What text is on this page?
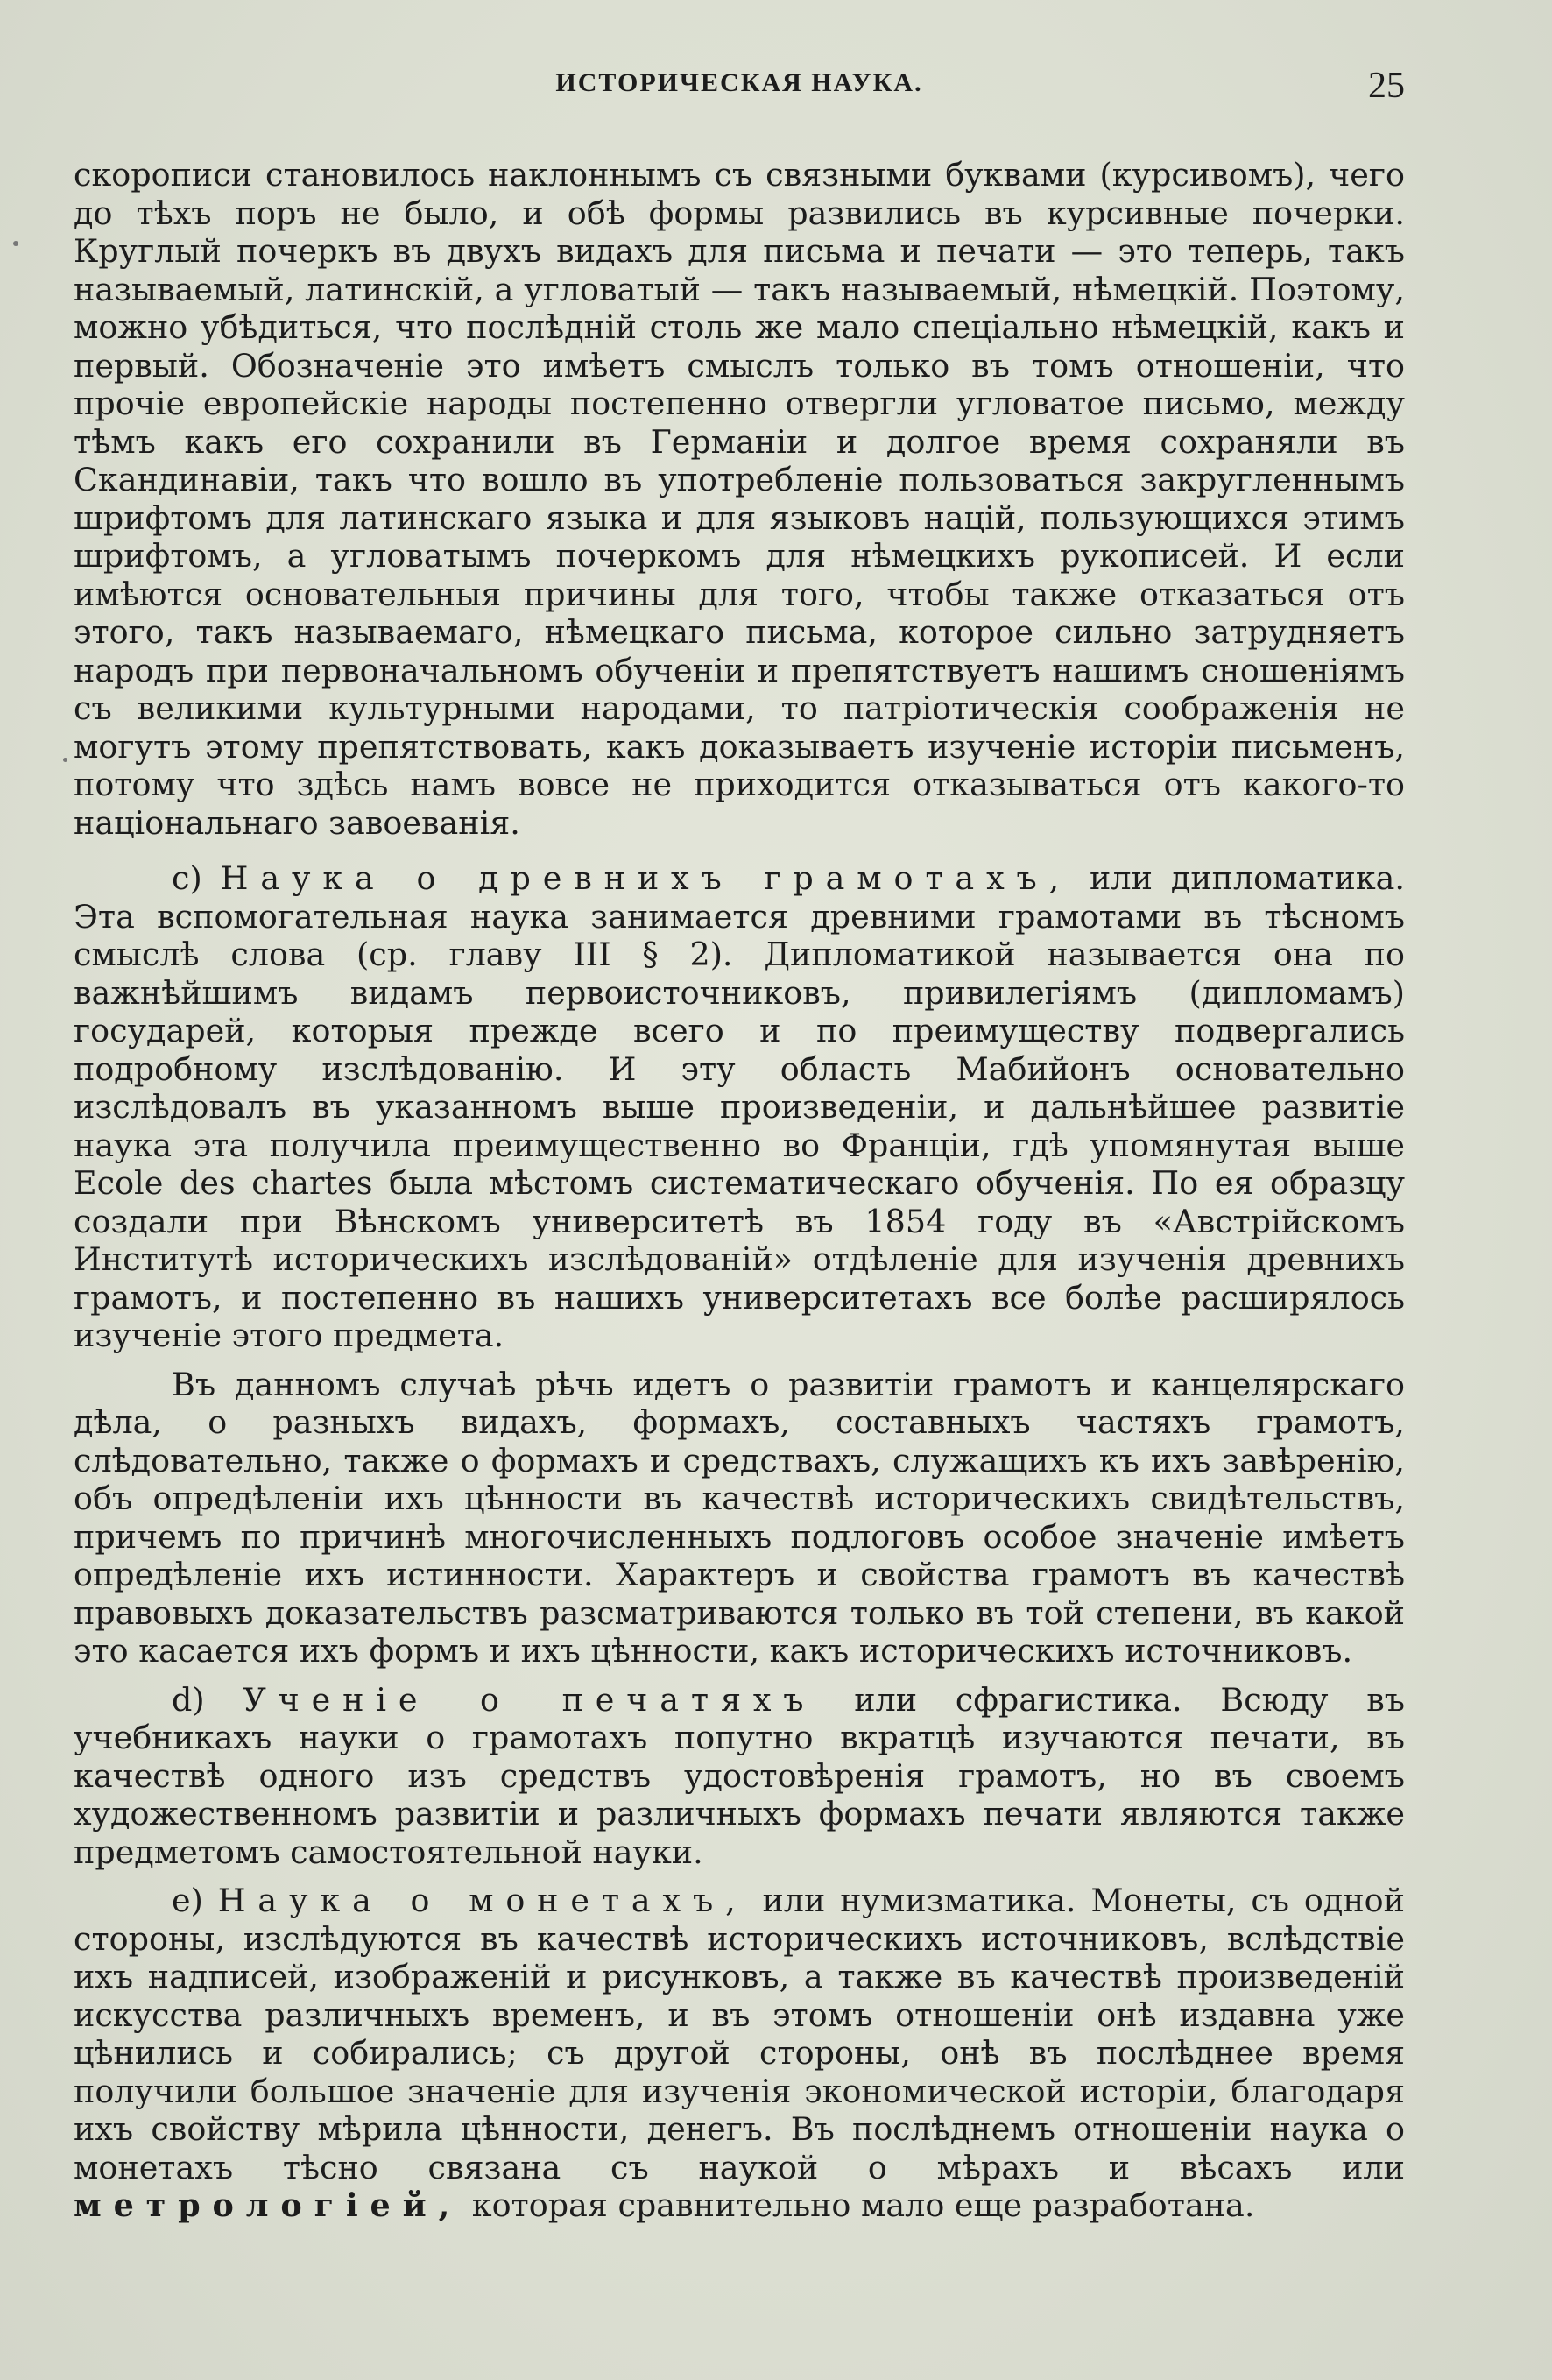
ИСТОРИЧЕСКАЯ НАУКА.	25

скорописи становилось наклоннымъ съ связными буквами (курсивомъ), чего до тѣхъ поръ не было, и обѣ формы развились въ курсивные почерки. Круглый почеркъ въ двухъ видахъ для письма и печати — это теперь, такъ называемый, латинскій, а угловатый — такъ называемый, нѣмецкій. Поэтому, можно убѣдиться, что послѣдній столь же мало спеціально нѣмецкій, какъ и первый. Обозначеніе это имѣетъ смыслъ только въ томъ отношеніи, что прочіе европейскіе народы постепенно отвергли угловатое письмо, между тѣмъ какъ его сохранили въ Германіи и долгое время сохраняли въ Скандинавіи, такъ что вошло въ употребленіе пользоваться закругленнымъ шрифтомъ для латинскаго языка и для языковъ націй, пользующихся этимъ шрифтомъ, а угловатымъ почеркомъ для нѣмецкихъ рукописей. И если имѣются основательныя причины для того, чтобы также отказаться отъ этого, такъ называемаго, нѣмецкаго письма, которое сильно затрудняетъ народъ при первоначальномъ обученіи и препятствуетъ нашимъ сношеніямъ съ великими культурными народами, то патріотическія соображенія не могутъ этому препятствовать, какъ доказываетъ изученіе исторіи письменъ, потому что здѣсь намъ вовсе не приходится отказываться отъ какого-то національнаго завоеванія.

c) Наука о древнихъ грамотахъ, или дипломатика. Эта вспомогательная наука занимается древними грамотами въ тѣсномъ смыслѣ слова (ср. главу III § 2). Дипломатикой называется она по важнѣйшимъ видамъ первоисточниковъ, привилегіямъ (дипломамъ) государей, которыя прежде всего и по преимуществу подвергались подробному изслѣдованію. И эту область Мабийонъ основательно изслѣдовалъ въ указанномъ выше произведеніи, и дальнѣйшее развитіе наука эта получила преимущественно во Франціи, гдѣ упомянутая выше Ecole des chartes была мѣстомъ систематическаго обученія. По ея образцу создали при Вѣнскомъ университетѣ въ 1854 году въ «Австрійскомъ Институтѣ историческихъ изслѣдованій» отдѣленіе для изученія древнихъ грамотъ, и постепенно въ нашихъ университетахъ все болѣе расширялось изученіе этого предмета.

Въ данномъ случаѣ рѣчь идетъ о развитіи грамотъ и канцелярскаго дѣла, о разныхъ видахъ, формахъ, составныхъ частяхъ грамотъ, слѣдовательно, также о формахъ и средствахъ, служащихъ къ ихъ завѣренію, объ опредѣленіи ихъ цѣнности въ качествѣ историческихъ свидѣтельствъ, причемъ по причинѣ многочисленныхъ подлоговъ особое значеніе имѣетъ опредѣленіе ихъ истинности. Характеръ и свойства грамотъ въ качествѣ правовыхъ доказательствъ разсматриваются только въ той степени, въ какой это касается ихъ формъ и ихъ цѣнности, какъ историческихъ источниковъ.

d) Ученіе о печатяхъ или сфрагистика. Всюду въ учебникахъ науки о грамотахъ попутно вкратцѣ изучаются печати, въ качествѣ одного изъ средствъ удостовѣренія грамотъ, но въ своемъ художественномъ развитіи и различныхъ формахъ печати являются также предметомъ самостоятельной науки.

e) Наука о монетахъ, или нумизматика. Монеты, съ одной стороны, изслѣдуются въ качествѣ историческихъ источниковъ, вслѣдствіе ихъ надписей, изображеній и рисунковъ, а также въ качествѣ произведеній искусства различныхъ временъ, и въ этомъ отношеніи онѣ издавна уже цѣнились и собирались; съ другой стороны, онѣ въ послѣднее время получили большое значеніе для изученія экономической исторіи, благодаря ихъ свойству мѣрила цѣнности, денегъ. Въ послѣднемъ отношеніи наука о монетахъ тѣсно связана съ наукой о мѣрахъ и вѣсахъ или метрологіей, которая сравнительно мало еще разработана.
